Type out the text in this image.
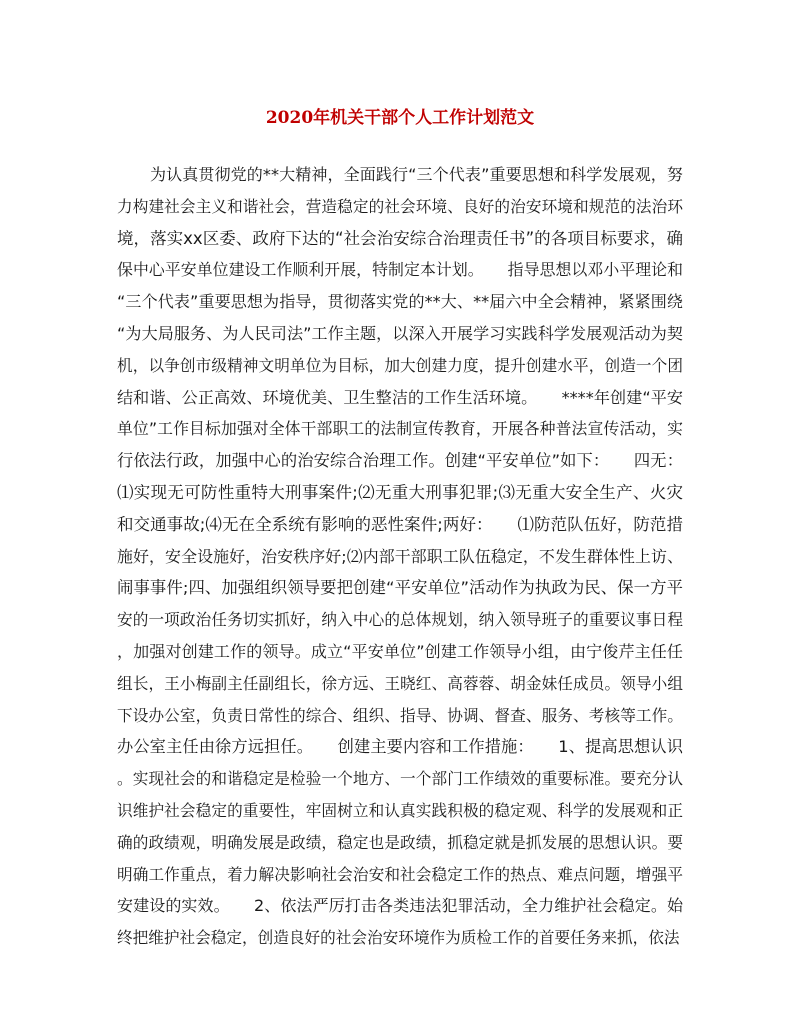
2020年机关干部个人工作计划范文
为认真贯彻党的**大精神，全面践行“三个代表”重要思想和科学发展观，努
力构建社会主义和谐社会，营造稳定的社会环境、良好的治安环境和规范的法治环
境，落实xx区委、政府下达的“社会治安综合治理责任书”的各项目标要求，确
保中心平安单位建设工作顺利开展，特制定本计划。　　指导思想以邓小平理论和
“三个代表”重要思想为指导，贯彻落实党的**大、**届六中全会精神，紧紧围绕
“为大局服务、为人民司法”工作主题，以深入开展学习实践科学发展观活动为契
机，以争创市级精神文明单位为目标，加大创建力度，提升创建水平，创造一个团
结和谐、公正高效、环境优美、卫生整洁的工作生活环境。　　****年创建“平安
单位”工作目标加强对全体干部职工的法制宣传教育，开展各种普法宣传活动，实
行依法行政，加强中心的治安综合治理工作。创建“平安单位”如下：　　四无：
⑴实现无可防性重特大刑事案件;⑵无重大刑事犯罪;⑶无重大安全生产、火灾
和交通事故;⑷无在全系统有影响的恶性案件;两好：　　⑴防范队伍好，防范措
施好，安全设施好，治安秩序好;⑵内部干部职工队伍稳定，不发生群体性上访、
闹事事件;四、加强组织领导要把创建“平安单位”活动作为执政为民、保一方平
安的一项政治任务切实抓好，纳入中心的总体规划，纳入领导班子的重要议事日程
，加强对创建工作的领导。成立“平安单位”创建工作领导小组，由宁俊芹主任任
组长，王小梅副主任副组长，徐方远、王晓红、高蓉蓉、胡金妹任成员。领导小组
下设办公室，负责日常性的综合、组织、指导、协调、督查、服务、考核等工作。
办公室主任由徐方远担任。　　创建主要内容和工作措施：　　1、提高思想认识
。实现社会的和谐稳定是检验一个地方、一个部门工作绩效的重要标准。要充分认
识维护社会稳定的重要性，牢固树立和认真实践积极的稳定观、科学的发展观和正
确的政绩观，明确发展是政绩，稳定也是政绩，抓稳定就是抓发展的思想认识。要
明确工作重点，着力解决影响社会治安和社会稳定工作的热点、难点问题，增强平
安建设的实效。　　2、依法严厉打击各类违法犯罪活动，全力维护社会稳定。始
终把维护社会稳定，创造良好的社会治安环境作为质检工作的首要任务来抓，依法
